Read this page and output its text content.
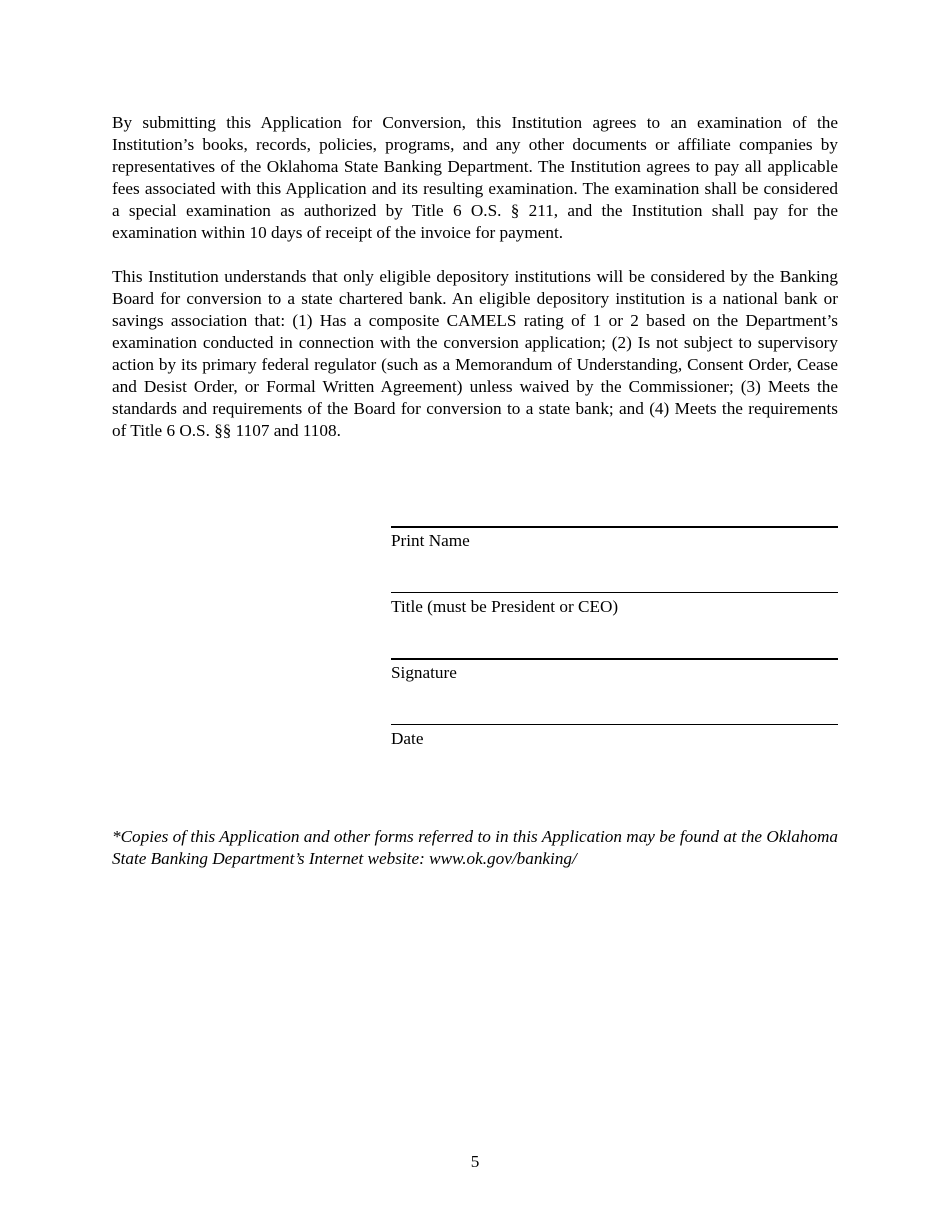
By submitting this Application for Conversion, this Institution agrees to an examination of the Institution’s books, records, policies, programs, and any other documents or affiliate companies by representatives of the Oklahoma State Banking Department. The Institution agrees to pay all applicable fees associated with this Application and its resulting examination. The examination shall be considered a special examination as authorized by Title 6 O.S. § 211, and the Institution shall pay for the examination within 10 days of receipt of the invoice for payment.

This Institution understands that only eligible depository institutions will be considered by the Banking Board for conversion to a state chartered bank. An eligible depository institution is a national bank or savings association that: (1) Has a composite CAMELS rating of 1 or 2 based on the Department’s examination conducted in connection with the conversion application; (2) Is not subject to supervisory action by its primary federal regulator (such as a Memorandum of Understanding, Consent Order, Cease and Desist Order, or Formal Written Agreement) unless waived by the Commissioner; (3) Meets the standards and requirements of the Board for conversion to a state bank; and (4) Meets the requirements of Title 6 O.S. §§ 1107 and 1108.

Print Name
Title (must be President or CEO)
Signature
Date

*Copies of this Application and other forms referred to in this Application may be found at the Oklahoma State Banking Department’s Internet website: www.ok.gov/banking/

5
